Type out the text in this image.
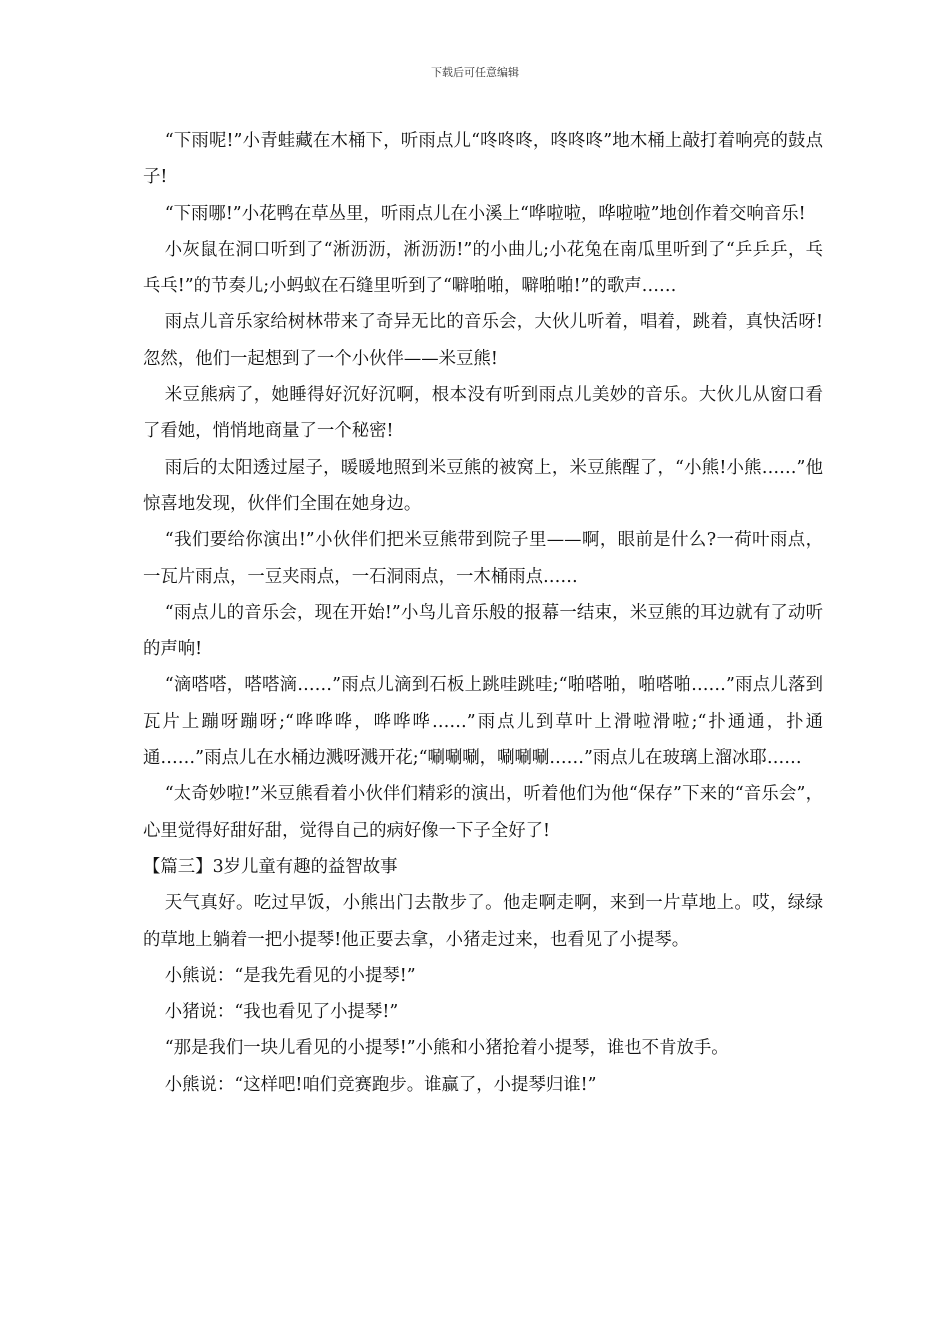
下载后可任意编辑

“下雨呢!”小青蛙藏在木桶下，听雨点儿“咚咚咚，咚咚咚”地木桶上敲打着响亮的鼓点子!

“下雨哪!”小花鸭在草丛里，听雨点儿在小溪上“哗啦啦，哗啦啦”地创作着交响音乐!

小灰鼠在洞口听到了“淅沥沥，淅沥沥!”的小曲儿;小花兔在南瓜里听到了“乒乒乒，乓乓乓!”的节奏儿;小蚂蚁在石缝里听到了“噼啪啪，噼啪啪!”的歌声……

雨点儿音乐家给树林带来了奇异无比的音乐会，大伙儿听着，唱着，跳着，真快活呀!忽然，他们一起想到了一个小伙伴——米豆熊!

米豆熊病了，她睡得好沉好沉啊，根本没有听到雨点儿美妙的音乐。大伙儿从窗口看了看她，悄悄地商量了一个秘密!

雨后的太阳透过屋子，暖暖地照到米豆熊的被窝上，米豆熊醒了，“小熊!小熊……”他惊喜地发现，伙伴们全围在她身边。

“我们要给你演出!”小伙伴们把米豆熊带到院子里——啊，眼前是什么?一荷叶雨点，一瓦片雨点，一豆夹雨点，一石洞雨点，一木桶雨点……

“雨点儿的音乐会，现在开始!”小鸟儿音乐般的报幕一结束，米豆熊的耳边就有了动听的声响!

“滴嗒嗒，嗒嗒滴……”雨点儿滴到石板上跳哇跳哇;“啪嗒啪，啪嗒啪……”雨点儿落到瓦片上蹦呀蹦呀;“哗哗哗，哗哗哗……”雨点儿到草叶上滑啦滑啦;“扑通通，扑通通……”雨点儿在水桶边溅呀溅开花;“唰唰唰，唰唰唰……”雨点儿在玻璃上溜冰耶……

“太奇妙啦!”米豆熊看着小伙伴们精彩的演出，听着他们为他“保存”下来的“音乐会”，心里觉得好甜好甜，觉得自己的病好像一下子全好了!

【篇三】3岁儿童有趣的益智故事

天气真好。吃过早饭，小熊出门去散步了。他走啊走啊，来到一片草地上。哎，绿绿的草地上躺着一把小提琴!他正要去拿，小猪走过来，也看见了小提琴。

小熊说：“是我先看见的小提琴!”

小猪说：“我也看见了小提琴!”

“那是我们一块儿看见的小提琴!”小熊和小猪抢着小提琴，谁也不肯放手。

小熊说：“这样吧!咱们竞赛跑步。谁赢了，小提琴归谁!”
